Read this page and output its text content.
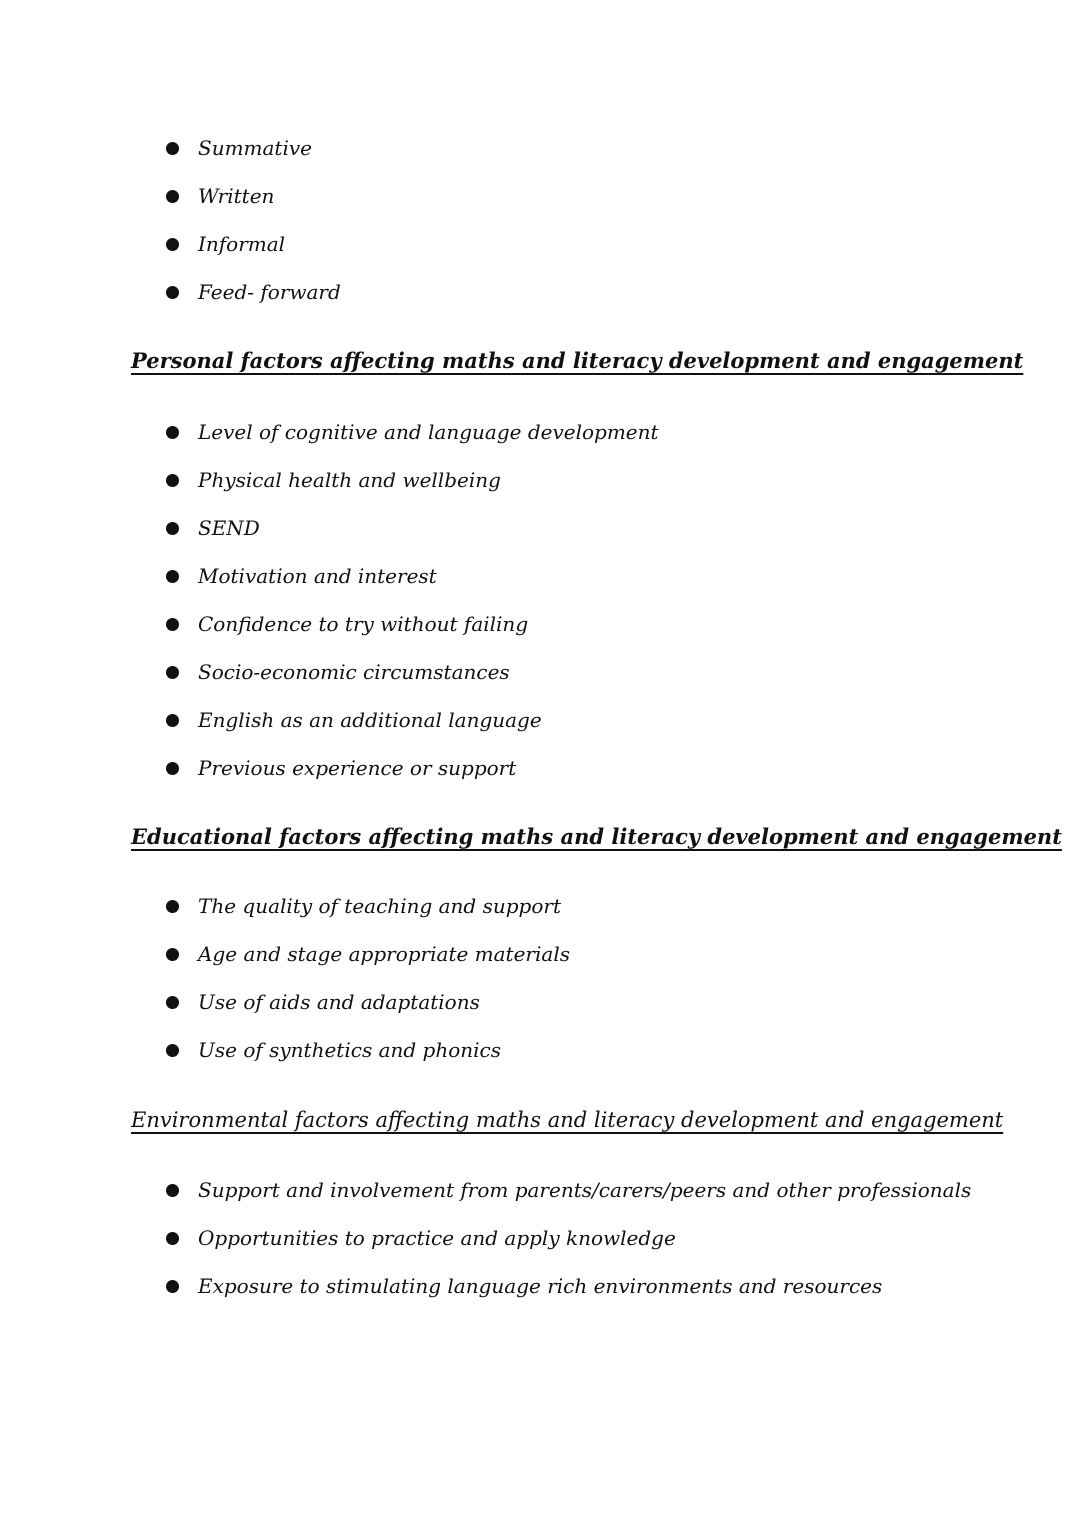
Summative
Written
Informal
Feed- forward
Personal factors affecting maths and literacy development and engagement
Level of cognitive and language development
Physical health and wellbeing
SEND
Motivation and interest
Confidence to try without failing
Socio-economic circumstances
English as an additional language
Previous experience or support
Educational factors affecting maths and literacy development and engagement
The quality of teaching and support
Age and stage appropriate materials
Use of aids and adaptations
Use of synthetics and phonics
Environmental factors affecting maths and literacy development and engagement
Support and involvement from parents/carers/peers and other professionals
Opportunities to practice and apply knowledge
Exposure to stimulating language rich environments and resources
